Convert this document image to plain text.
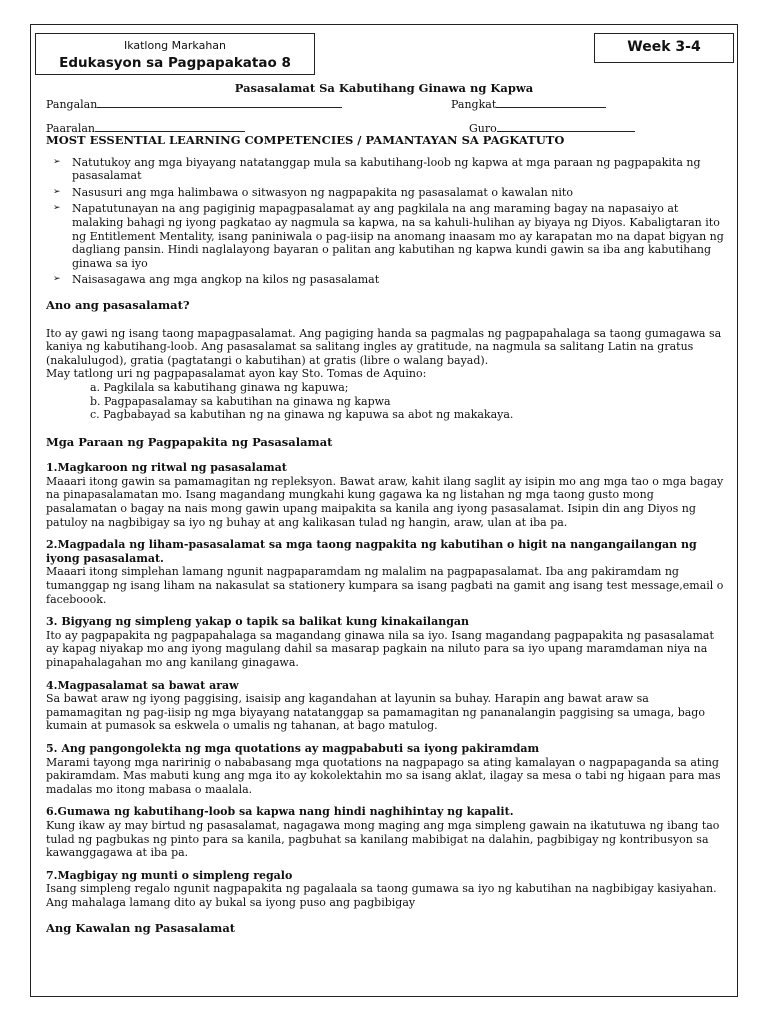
Ikatlong Markahan
Edukasyon sa Pagpapakatao 8
Week 3-4
Pasasalamat Sa Kabutihang Ginawa ng Kapwa
Pangalan	Pangkat
Paaralan	Guro

MOST ESSENTIAL LEARNING COMPETENCIES / PAMANTAYAN SA PAGKATUTO

➢ Natutukoy ang mga biyayang natatanggap mula sa kabutihang-loob ng kapwa at mga paraan ng pagpapakita ng pasasalamat
➢ Nasusuri ang mga halimbawa o sitwasyon ng nagpapakita ng pasasalamat o kawalan nito
➢ Napatutunayan na ang pagiginig mapagpasalamat ay ang pagkilala na ang maraming bagay na napasaiyo at malaking bahagi ng iyong pagkatao ay nagmula sa kapwa, na sa kahuli-hulihan ay biyaya ng Diyos. Kabaligtaran ito ng Entitlement Mentality, isang paniniwala o pag-iisip na anomang inaasam mo ay karapatan mo na dapat bigyan ng dagliang pansin. Hindi naglalayong bayaran o palitan ang kabutihan ng kapwa kundi gawin sa iba ang kabutihang ginawa sa iyo
➢ Naisasagawa ang mga angkop na kilos ng pasasalamat

Ano ang pasasalamat?

Ito ay gawi ng isang taong mapagpasalamat. Ang pagiging handa sa pagmalas ng pagpapahalaga sa taong gumagawa sa kaniya ng kabutihang-loob. Ang pasasalamat sa salitang ingles ay gratitude, na nagmula sa salitang Latin na gratus (nakalulugod), gratia (pagtatangi o kabutihan) at gratis (libre o walang bayad).

May tatlong uri ng pagpapasalamat ayon kay Sto. Tomas de Aquino:

a. Pagkilala sa kabutihang ginawa ng kapuwa;
b. Pagpapasalamay sa kabutihan na ginawa ng kapwa
c. Pagbabayad sa kabutihan ng na ginawa ng kapuwa sa abot ng makakaya.

Mga Paraan ng Pagpapakita ng Pasasalamat

1.Magkaroon ng ritwal ng pasasalamat

Maaari itong gawin sa pamamagitan ng repleksyon. Bawat araw, kahit ilang saglit ay isipin mo ang mga tao o mga bagay na pinapasalamatan mo. Isang magandang mungkahi kung gagawa ka ng listahan ng mga taong gusto mong pasalamatan o bagay na nais mong gawin upang maipakita sa kanila ang iyong pasasalamat. Isipin din ang Diyos ng patuloy na nagbibigay sa iyo ng buhay at ang kalikasan tulad ng hangin, araw, ulan at iba pa.

2.Magpadala ng liham-pasasalamat sa mga taong nagpakita ng kabutihan o higit na nangangailangan ng iyong pasasalamat.

Maaari itong simplehan lamang ngunit nagpaparamdam ng malalim na pagpapasalamat. Iba ang pakiramdam ng tumanggap ng isang liham na nakasulat sa stationery kumpara sa isang pagbati na gamit ang isang test message,email o faceboook.

3. Bigyang ng simpleng yakap o tapik sa balikat kung kinakailangan

Ito ay pagpapakita ng pagpapahalaga sa magandang ginawa nila sa iyo. Isang magandang pagpapakita ng pasasalamat ay kapag niyakap mo ang iyong magulang dahil sa masarap pagkain na niluto para sa iyo upang maramdaman niya na pinapahalagahan mo ang kanilang ginagawa.

4.Magpasalamat sa bawat araw

Sa bawat araw ng iyong paggising, isaisip ang kagandahan at layunin sa buhay. Harapin ang bawat araw sa pamamagitan ng pag-iisip ng mga biyayang natatanggap sa pamamagitan ng pananalangin paggising sa umaga, bago kumain at pumasok sa eskwela o umalis ng tahanan, at bago matulog.

5. Ang pangongolekta ng mga quotations ay magpababuti sa iyong pakiramdam

Marami tayong mga naririnig o nababasang mga quotations na nagpapago sa ating kamalayan o nagpapaganda sa ating pakiramdam. Mas mabuti kung ang mga ito ay kokolektahin mo sa isang aklat, ilagay sa mesa o tabi ng higaan para mas madalas mo itong mabasa o maalala.

6.Gumawa ng kabutihang-loob sa kapwa nang hindi naghihintay ng kapalit.

Kung ikaw ay may birtud ng pasasalamat, nagagawa mong maging ang mga simpleng gawain na ikatutuwa ng ibang tao tulad ng pagbukas ng pinto para sa kanila, pagbuhat sa kanilang mabibigat na dalahin, pagbibigay ng kontribusyon sa kawanggagawa at iba pa.

7.Magbigay ng munti o simpleng regalo

Isang simpleng regalo ngunit nagpapakita ng pagalaala sa taong gumawa sa iyo ng kabutihan na nagbibigay kasiyahan. Ang mahalaga lamang dito ay bukal sa iyong puso ang pagbibigay

Ang Kawalan ng Pasasalamat
